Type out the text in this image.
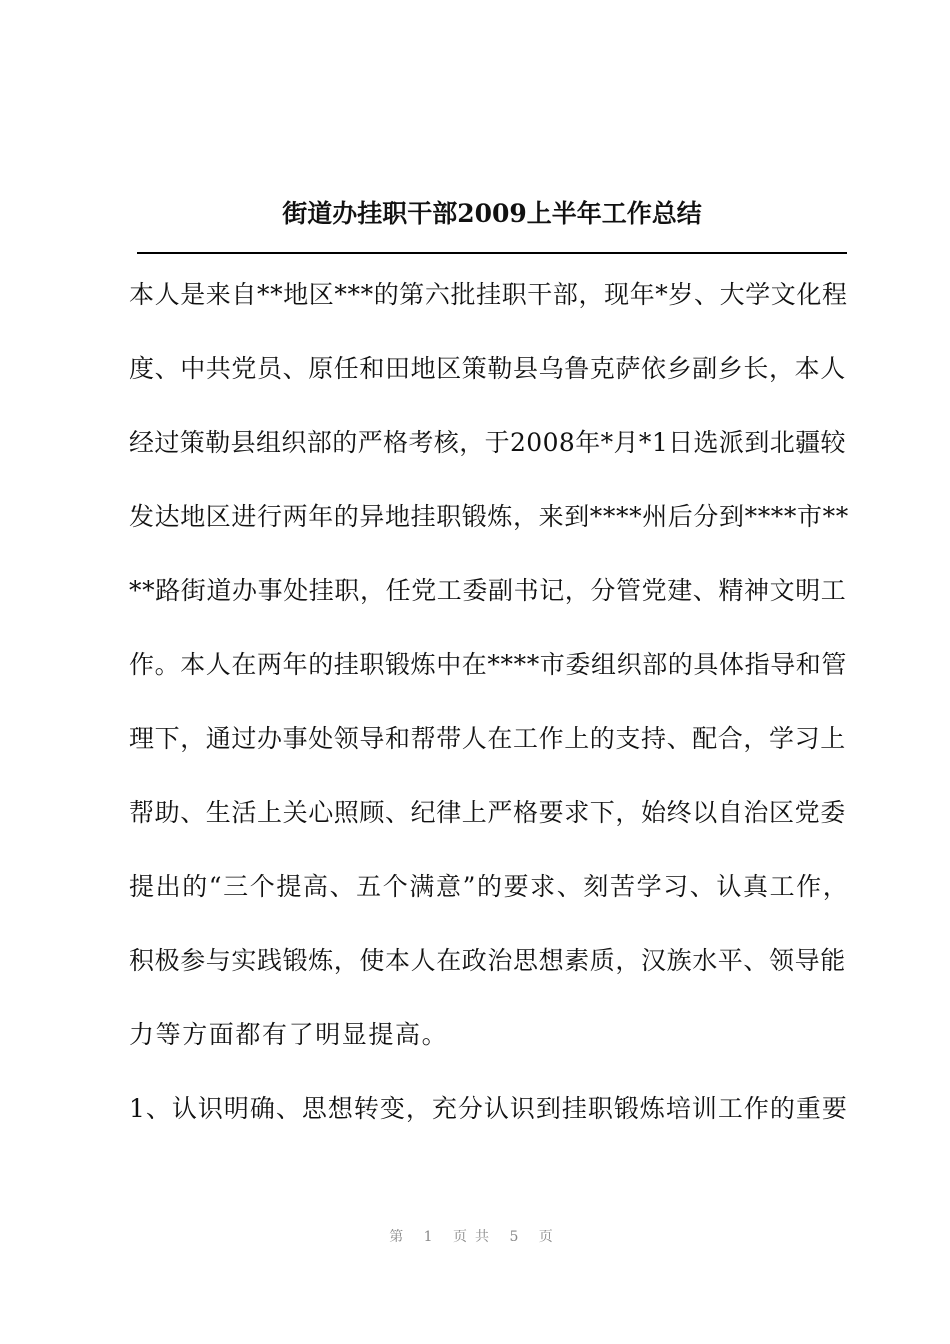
街道办挂职干部2009上半年工作总结
本人是来自**地区***的第六批挂职干部，现年*岁、大学文化程
度、中共党员、原任和田地区策勒县乌鲁克萨依乡副乡长，本人
经过策勒县组织部的严格考核，于2008年*月*1日选派到北疆较
发达地区进行两年的异地挂职锻炼，来到****州后分到****市**
**路街道办事处挂职，任党工委副书记，分管党建、精神文明工
作。本人在两年的挂职锻炼中在****市委组织部的具体指导和管
理下，通过办事处领导和帮带人在工作上的支持、配合，学习上
帮助、生活上关心照顾、纪律上严格要求下，始终以自治区党委
提出的“三个提高、五个满意”的要求、刻苦学习、认真工作，
积极参与实践锻炼，使本人在政治思想素质，汉族水平、领导能
力等方面都有了明显提高。
1、认识明确、思想转变，充分认识到挂职锻炼培训工作的重要
第 1 页共 5 页
